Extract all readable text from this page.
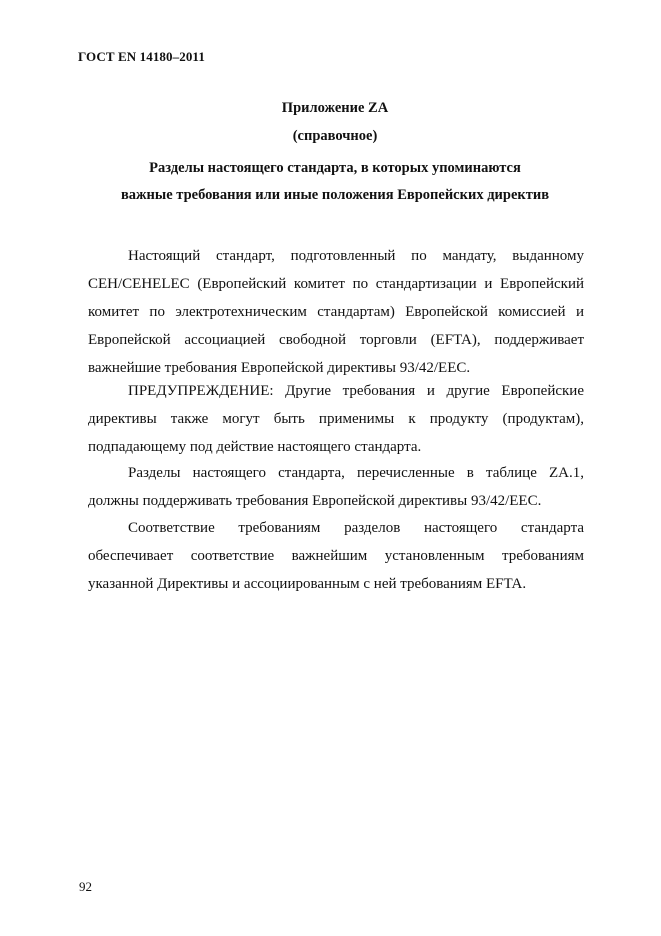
ГОСТ EN 14180–2011
Приложение ZA
(справочное)
Разделы настоящего стандарта, в которых упоминаются
важные требования или иные положения Европейских директив

Настоящий стандарт, подготовленный по мандату, выданному CEH/CEHELEC (Европейский комитет по стандартизации и Европейский комитет по электротехническим стандартам) Европейской комиссией и Европейской ассоциацией свободной торговли (EFTA), поддерживает важнейшие требования Европейской директивы 93/42/EEC.

ПРЕДУПРЕЖДЕНИЕ: Другие требования и другие Европейские директивы также могут быть применимы к продукту (продуктам), подпадающему под действие настоящего стандарта.

Разделы настоящего стандарта, перечисленные в таблице ZA.1, должны поддерживать требования Европейской директивы 93/42/EEC.

Соответствие требованиям разделов настоящего стандарта обеспечивает соответствие важнейшим установленным требованиям указанной Директивы и ассоциированным с ней требованиям EFTA.

92
